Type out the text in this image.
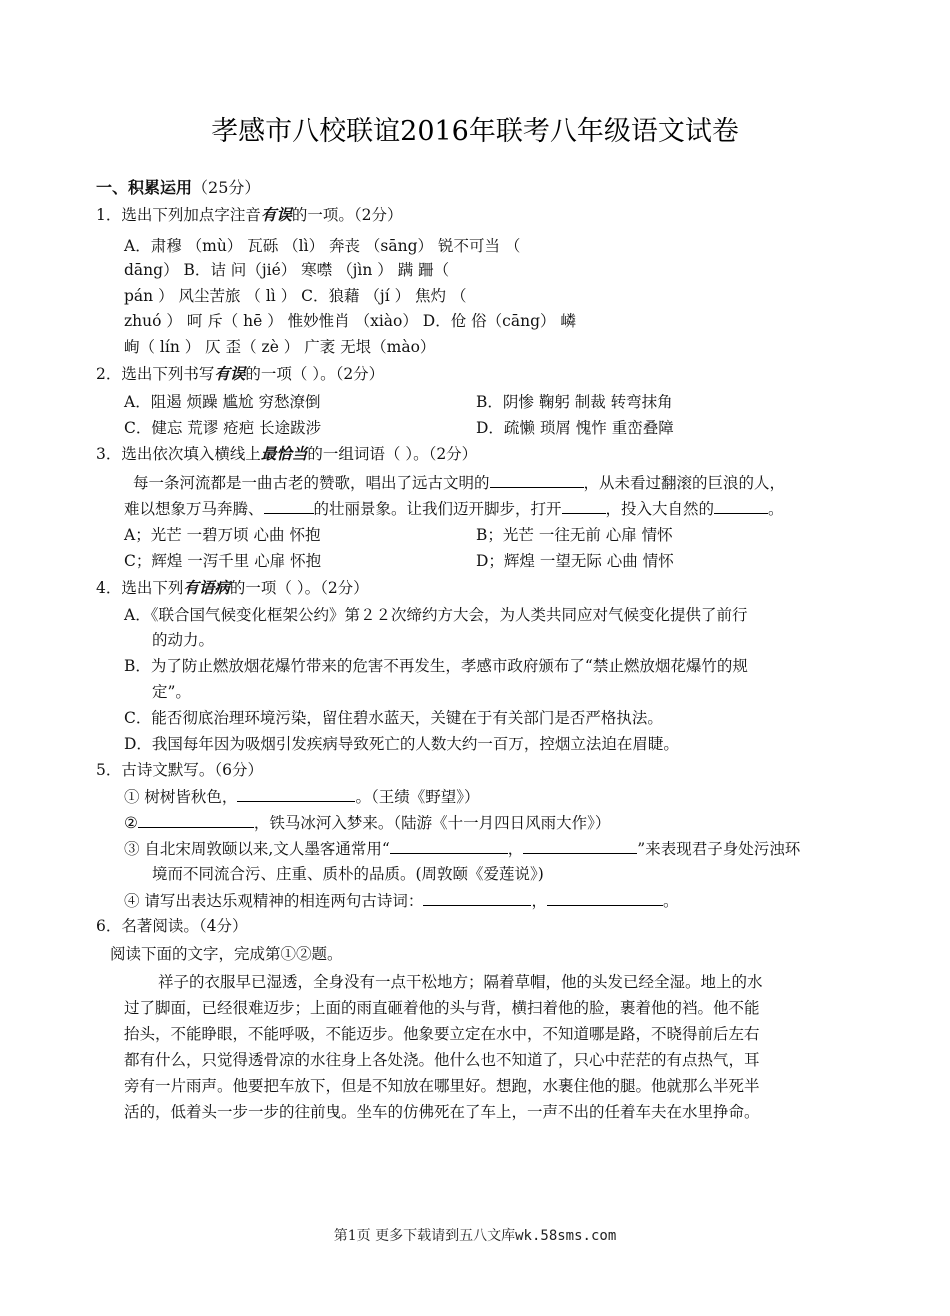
孝感市八校联谊2016年联考八年级语文试卷
一、积累运用（25分）
1．选出下列加点字注音有误的一项。（2分）
A．肃穆 （mù） 瓦砾 （lì） 奔丧 （sāng） 锐不可当 （
dāng） B．诘 问（jié） 寒噤 （jìn ） 蹒 跚（
pán ） 风尘苦旅 （ lì ） C．狼藉 （jí ） 焦灼 （
zhuó ） 呵 斥（ hē ） 惟妙惟肖 （xiào） D．伧 俗（cāng） 嶙
峋（ lín ） 仄 歪（ zè ） 广袤 无垠（mào）
2．选出下列书写有误的一项（ ）。（2分）
A．阻遏 烦躁 尴尬 穷愁潦倒	B．阴惨 鞠躬 制裁 转弯抹角
C．健忘 荒谬 疮疤 长途跋涉	D．疏懒 琐屑 愧怍 重峦叠障
3．选出依次填入横线上最恰当的一组词语（ ）。（2分）
每一条河流都是一曲古老的赞歌，唱出了远古文明的	，从未看过翻滚的巨浪的人，
难以想象万马奔腾、	的壮丽景象。让我们迈开脚步，打开	，投入大自然的	。
A；光芒 一碧万顷 心曲 怀抱	B；光芒 一往无前 心扉 情怀
C；辉煌 一泻千里 心扉 怀抱	D；辉煌 一望无际 心曲 情怀
4．选出下列有语病的一项（ ）。（2分）
A．《联合国气候变化框架公约》第２２次缔约方大会，为人类共同应对气候变化提供了前行
的动力。
B．为了防止燃放烟花爆竹带来的危害不再发生，孝感市政府颁布了“禁止燃放烟花爆竹的规
定”。
C．能否彻底治理环境污染，留住碧水蓝天，关键在于有关部门是否严格执法。
D．我国每年因为吸烟引发疾病导致死亡的人数大约一百万，控烟立法迫在眉睫。
5．古诗文默写。（6分）
① 树树皆秋色，	。（王绩《野望》）
②	，铁马冰河入梦来。（陆游《十一月四日风雨大作》）
③ 自北宋周敦颐以来,文人墨客通常用“	，	”来表现君子身处污浊环
境而不同流合污、庄重、质朴的品质。(周敦颐《爱莲说》)
④ 请写出表达乐观精神的相连两句古诗词：	，	。
6．名著阅读。（4分）
阅读下面的文字，完成第①②题。
祥子的衣服早已湿透，全身没有一点干松地方；隔着草帽，他的头发已经全湿。地上的水
过了脚面，已经很难迈步；上面的雨直砸着他的头与背，横扫着他的脸，裹着他的裆。他不能
抬头，不能睁眼，不能呼吸，不能迈步。他象要立定在水中，不知道哪是路，不晓得前后左右
都有什么，只觉得透骨凉的水往身上各处浇。他什么也不知道了，只心中茫茫的有点热气，耳
旁有一片雨声。他要把车放下，但是不知放在哪里好。想跑，水裹住他的腿。他就那么半死半
活的，低着头一步一步的往前曳。坐车的仿佛死在了车上，一声不出的任着车夫在水里挣命。
第1页 更多下载请到五八文库wk.58sms.com
